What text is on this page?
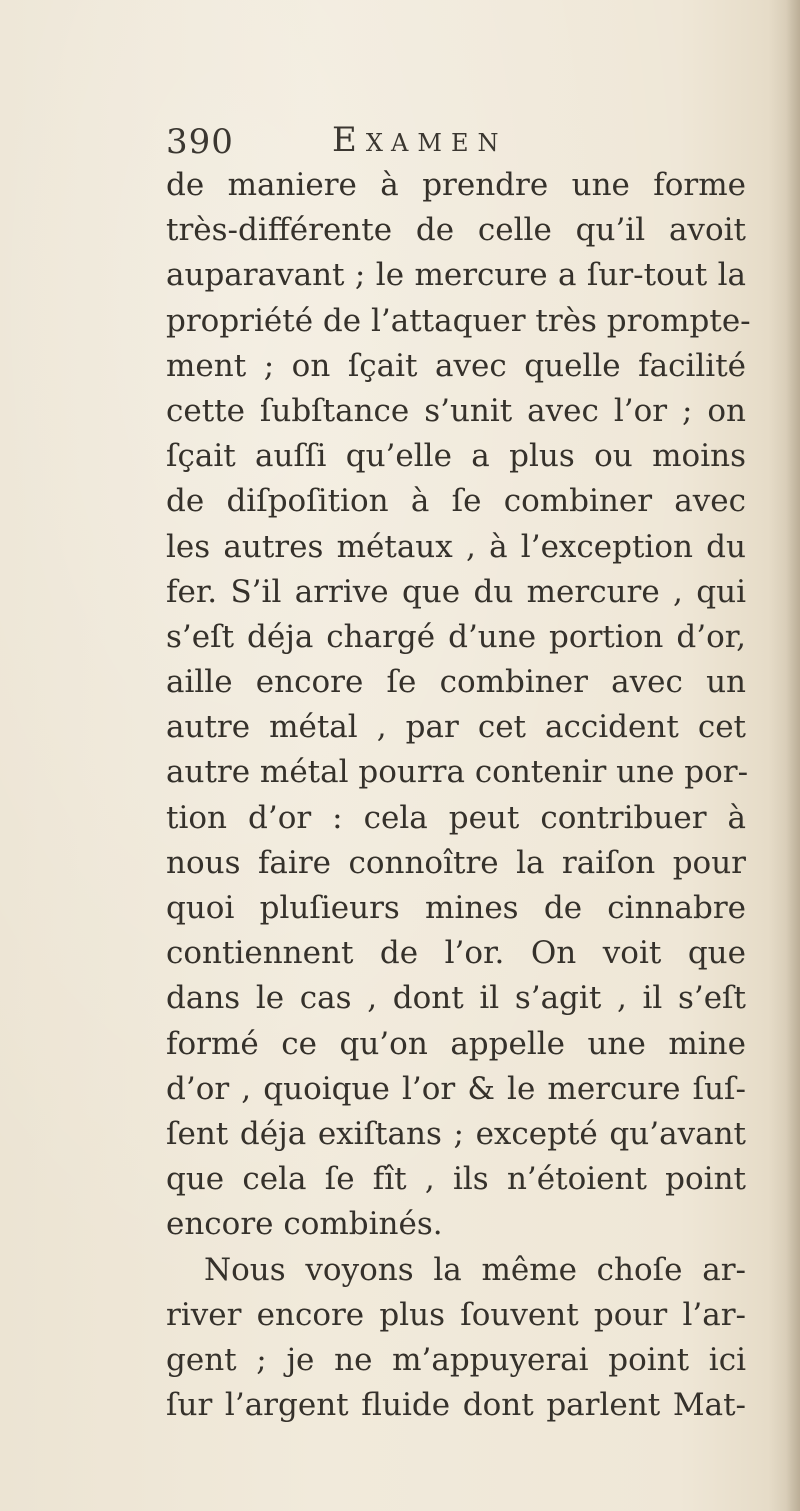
390	Examen
de maniere à prendre une forme
très-différente de celle qu’il avoit
auparavant ; le mercure a ſur-tout la
propriété de l’attaquer très prompte-
ment ; on ſçait avec quelle facilité
cette ſubſtance s’unit avec l’or ; on
ſçait auſſi qu’elle a plus ou moins
de diſpoſition à ſe combiner avec
les autres métaux , à l’exception du
fer. S’il arrive que du mercure , qui
s’eſt déja chargé d’une portion d’or,
aille encore ſe combiner avec un
autre métal , par cet accident cet
autre métal pourra contenir une por-
tion d’or : cela peut contribuer à
nous faire connoître la raiſon pour
quoi pluſieurs mines de cinnabre
contiennent de l’or. On voit que
dans le cas , dont il s’agit , il s’eſt
formé ce qu’on appelle une mine
d’or , quoique l’or & le mercure ſuſ-
ſent déja exiſtans ; excepté qu’avant
que cela ſe fît , ils n’étoient point
encore combinés.
Nous voyons la même choſe ar-
river encore plus ſouvent pour l’ar-
gent ; je ne m’appuyerai point ici
ſur l’argent fluide dont parlent Mat-
